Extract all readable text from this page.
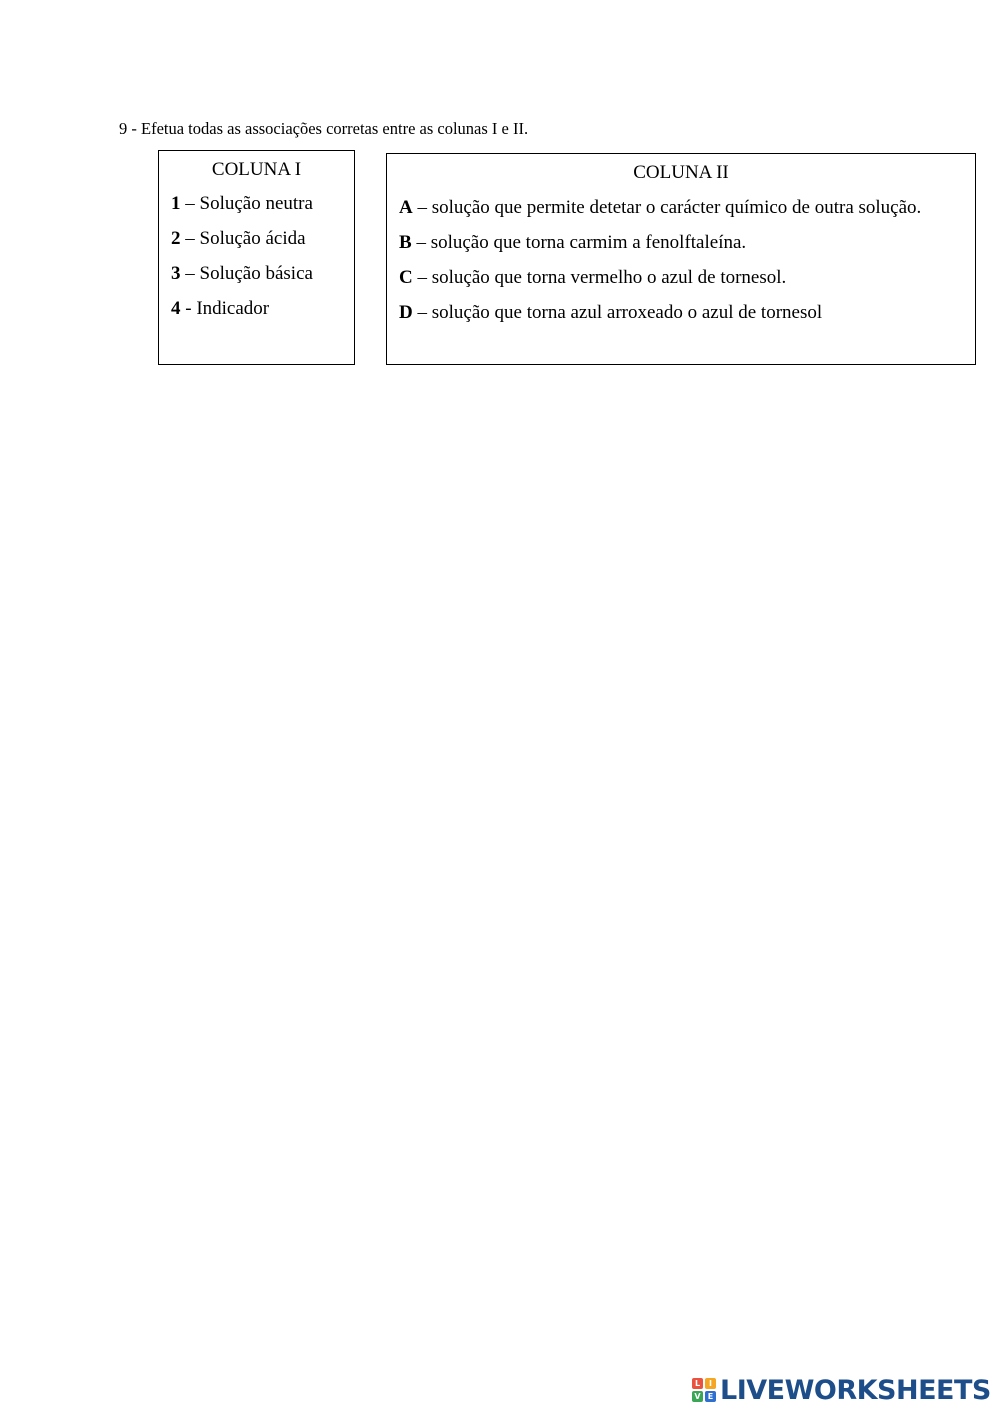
9 - Efetua todas as associações corretas entre as colunas I e II.
COLUNA I
1 – Solução neutra
2 – Solução ácida
3 – Solução básica
4 - Indicador
COLUNA II
A – solução que permite detetar o carácter químico de outra solução.
B – solução que torna carmim a fenolftaleína.
C – solução que torna vermelho o azul de tornesol.
D – solução que torna azul arroxeado o azul de tornesol
L	I
V E LIVEWORKSHEETS
